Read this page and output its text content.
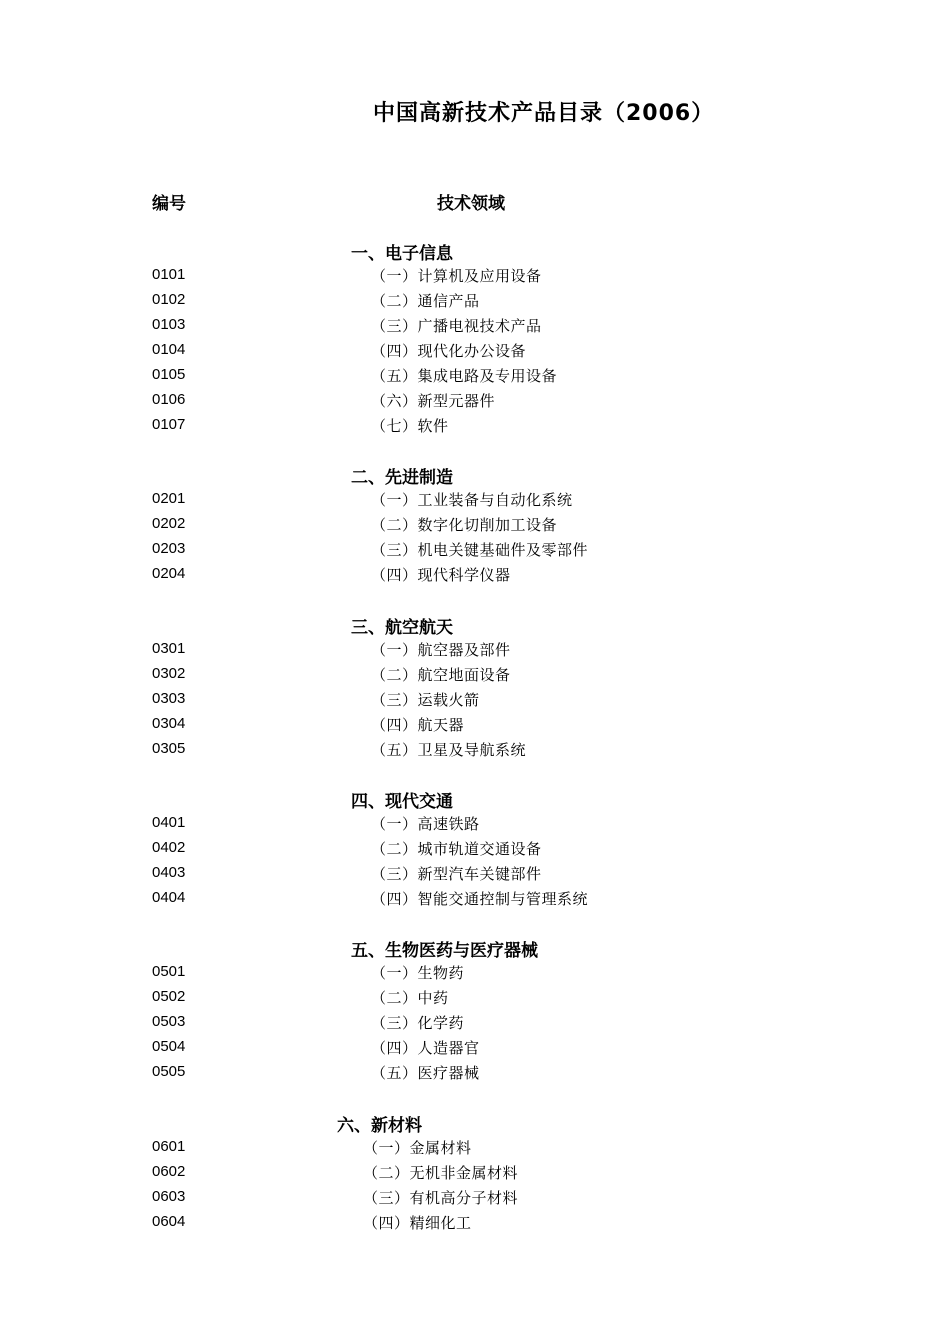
中国高新技术产品目录（2006）
编号	技术领域
一、电子信息
0101	（一）计算机及应用设备
0102	（二）通信产品
0103	（三）广播电视技术产品
0104	（四）现代化办公设备
0105	（五）集成电路及专用设备
0106	（六）新型元器件
0107	（七）软件
二、先进制造
0201	（一）工业装备与自动化系统
0202	（二）数字化切削加工设备
0203	（三）机电关键基础件及零部件
0204	（四）现代科学仪器
三、航空航天
0301	（一）航空器及部件
0302	（二）航空地面设备
0303	（三）运载火箭
0304	（四）航天器
0305	（五）卫星及导航系统
四、现代交通
0401	（一）高速铁路
0402	（二）城市轨道交通设备
0403	（三）新型汽车关键部件
0404	（四）智能交通控制与管理系统
五、生物医药与医疗器械
0501	（一）生物药
0502	（二）中药
0503	（三）化学药
0504	（四）人造器官
0505	（五）医疗器械
六、新材料
0601	（一）金属材料
0602	（二）无机非金属材料
0603	（三）有机高分子材料
0604	（四）精细化工
